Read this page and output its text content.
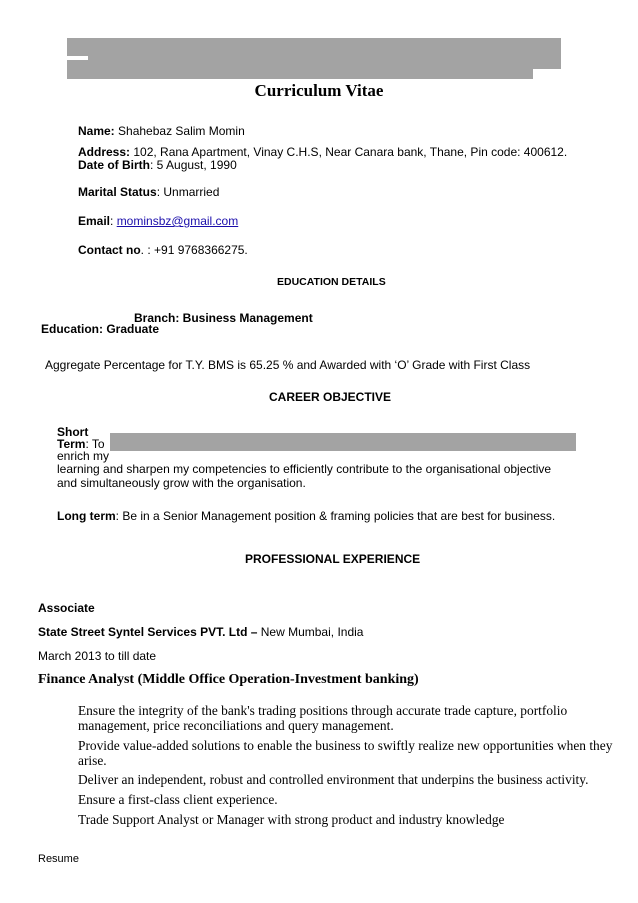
Curriculum Vitae
Name: Shahebaz Salim Momin
Address: 102, Rana Apartment, Vinay C.H.S, Near Canara bank, Thane, Pin code: 400612.
Date of Birth: 5 August, 1990
Marital Status: Unmarried
Email: mominsbz@gmail.com
Contact no. : +91 9768366275.
EDUCATION DETAILS
Branch: Business Management
Education: Graduate
Aggregate Percentage for T.Y. BMS is 65.25 % and Awarded with ‘O’ Grade with First Class
CAREER OBJECTIVE
Short
Term: To
enrich my
learning and sharpen my competencies to efficiently contribute to the organisational objective
and simultaneously grow with the organisation.
Long term: Be in a Senior Management position & framing policies that are best for business.
PROFESSIONAL EXPERIENCE
Associate
State Street Syntel Services PVT. Ltd – New Mumbai, India
March 2013 to till date
Finance Analyst (Middle Office Operation-Investment banking)
Ensure the integrity of the bank's trading positions through accurate trade capture, portfolio
management, price reconciliations and query management.
Provide value-added solutions to enable the business to swiftly realize new opportunities when they
arise.
Deliver an independent, robust and controlled environment that underpins the business activity.
Ensure a first-class client experience.
Trade Support Analyst or Manager with strong product and industry knowledge
Resume
